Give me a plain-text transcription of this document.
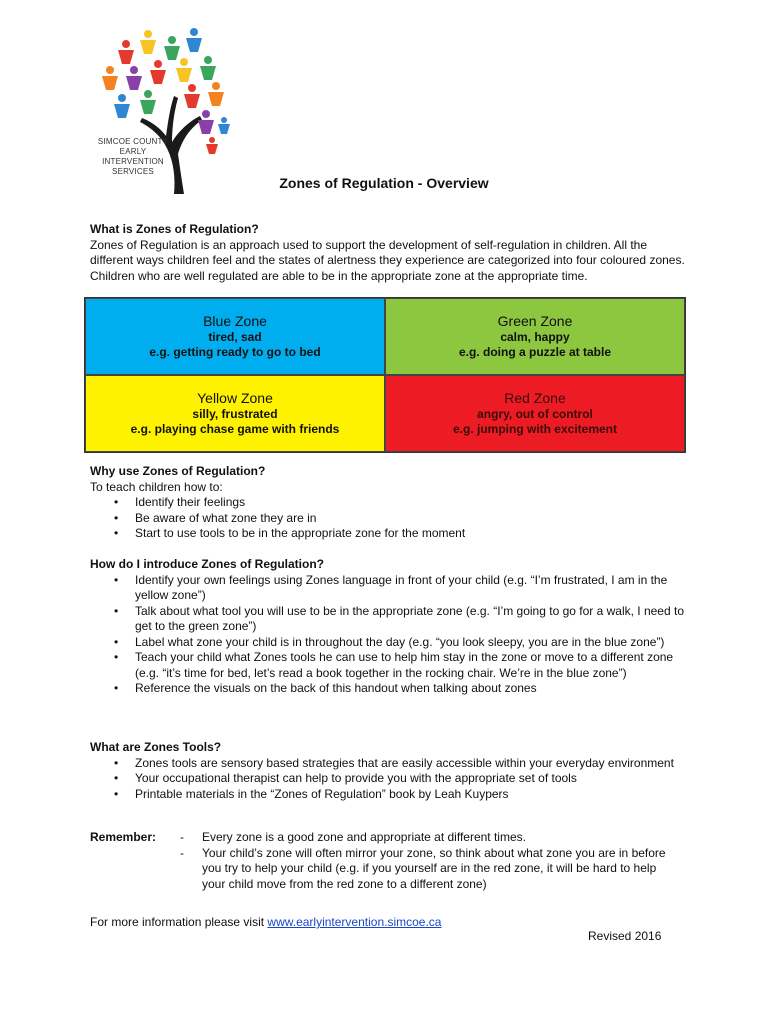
SIMCOE COUNTY EARLY INTERVENTION SERVICES
Zones of Regulation - Overview

What is Zones of Regulation?

Zones of Regulation is an approach used to support the development of self-regulation in children. All the different ways children feel and the states of alertness they experience are categorized into four coloured zones. Children who are well regulated are able to be in the appropriate zone at the appropriate time.

Blue Zone
tired, sad
e.g. getting ready to go to bed
Green Zone
calm, happy
e.g. doing a puzzle at table
Yellow Zone
silly, frustrated
e.g. playing chase game with friends
Red Zone
angry, out of control
e.g. jumping with excitement

Why use Zones of Regulation?

To teach children how to:

• Identify their feelings
• Be aware of what zone they are in
• Start to use tools to be in the appropriate zone for the moment

How do I introduce Zones of Regulation?

• Identify your own feelings using Zones language in front of your child (e.g. “I’m frustrated, I am in the yellow zone”)
• Talk about what tool you will use to be in the appropriate zone (e.g. “I’m going to go for a walk, I need to get to the green zone”)
• Label what zone your child is in throughout the day (e.g. “you look sleepy, you are in the blue zone”)
• Teach your child what Zones tools he can use to help him stay in the zone or move to a different zone (e.g. “it’s time for bed, let’s read a book together in the rocking chair. We’re in the blue zone”)
• Reference the visuals on the back of this handout when talking about zones

What are Zones Tools?

• Zones tools are sensory based strategies that are easily accessible within your everyday environment
• Your occupational therapist can help to provide you with the appropriate set of tools
• Printable materials in the “Zones of Regulation” book by Leah Kuypers
Remember:
-	Every zone is a good zone and appropriate at different times.
- Your child’s zone will often mirror your zone, so think about what zone you are in before you try to help your child (e.g. if you yourself are in the red zone, it will be hard to help your child move from the red zone to a different zone)
For more information please visit www.earlyintervention.simcoe.ca
Revised 2016
